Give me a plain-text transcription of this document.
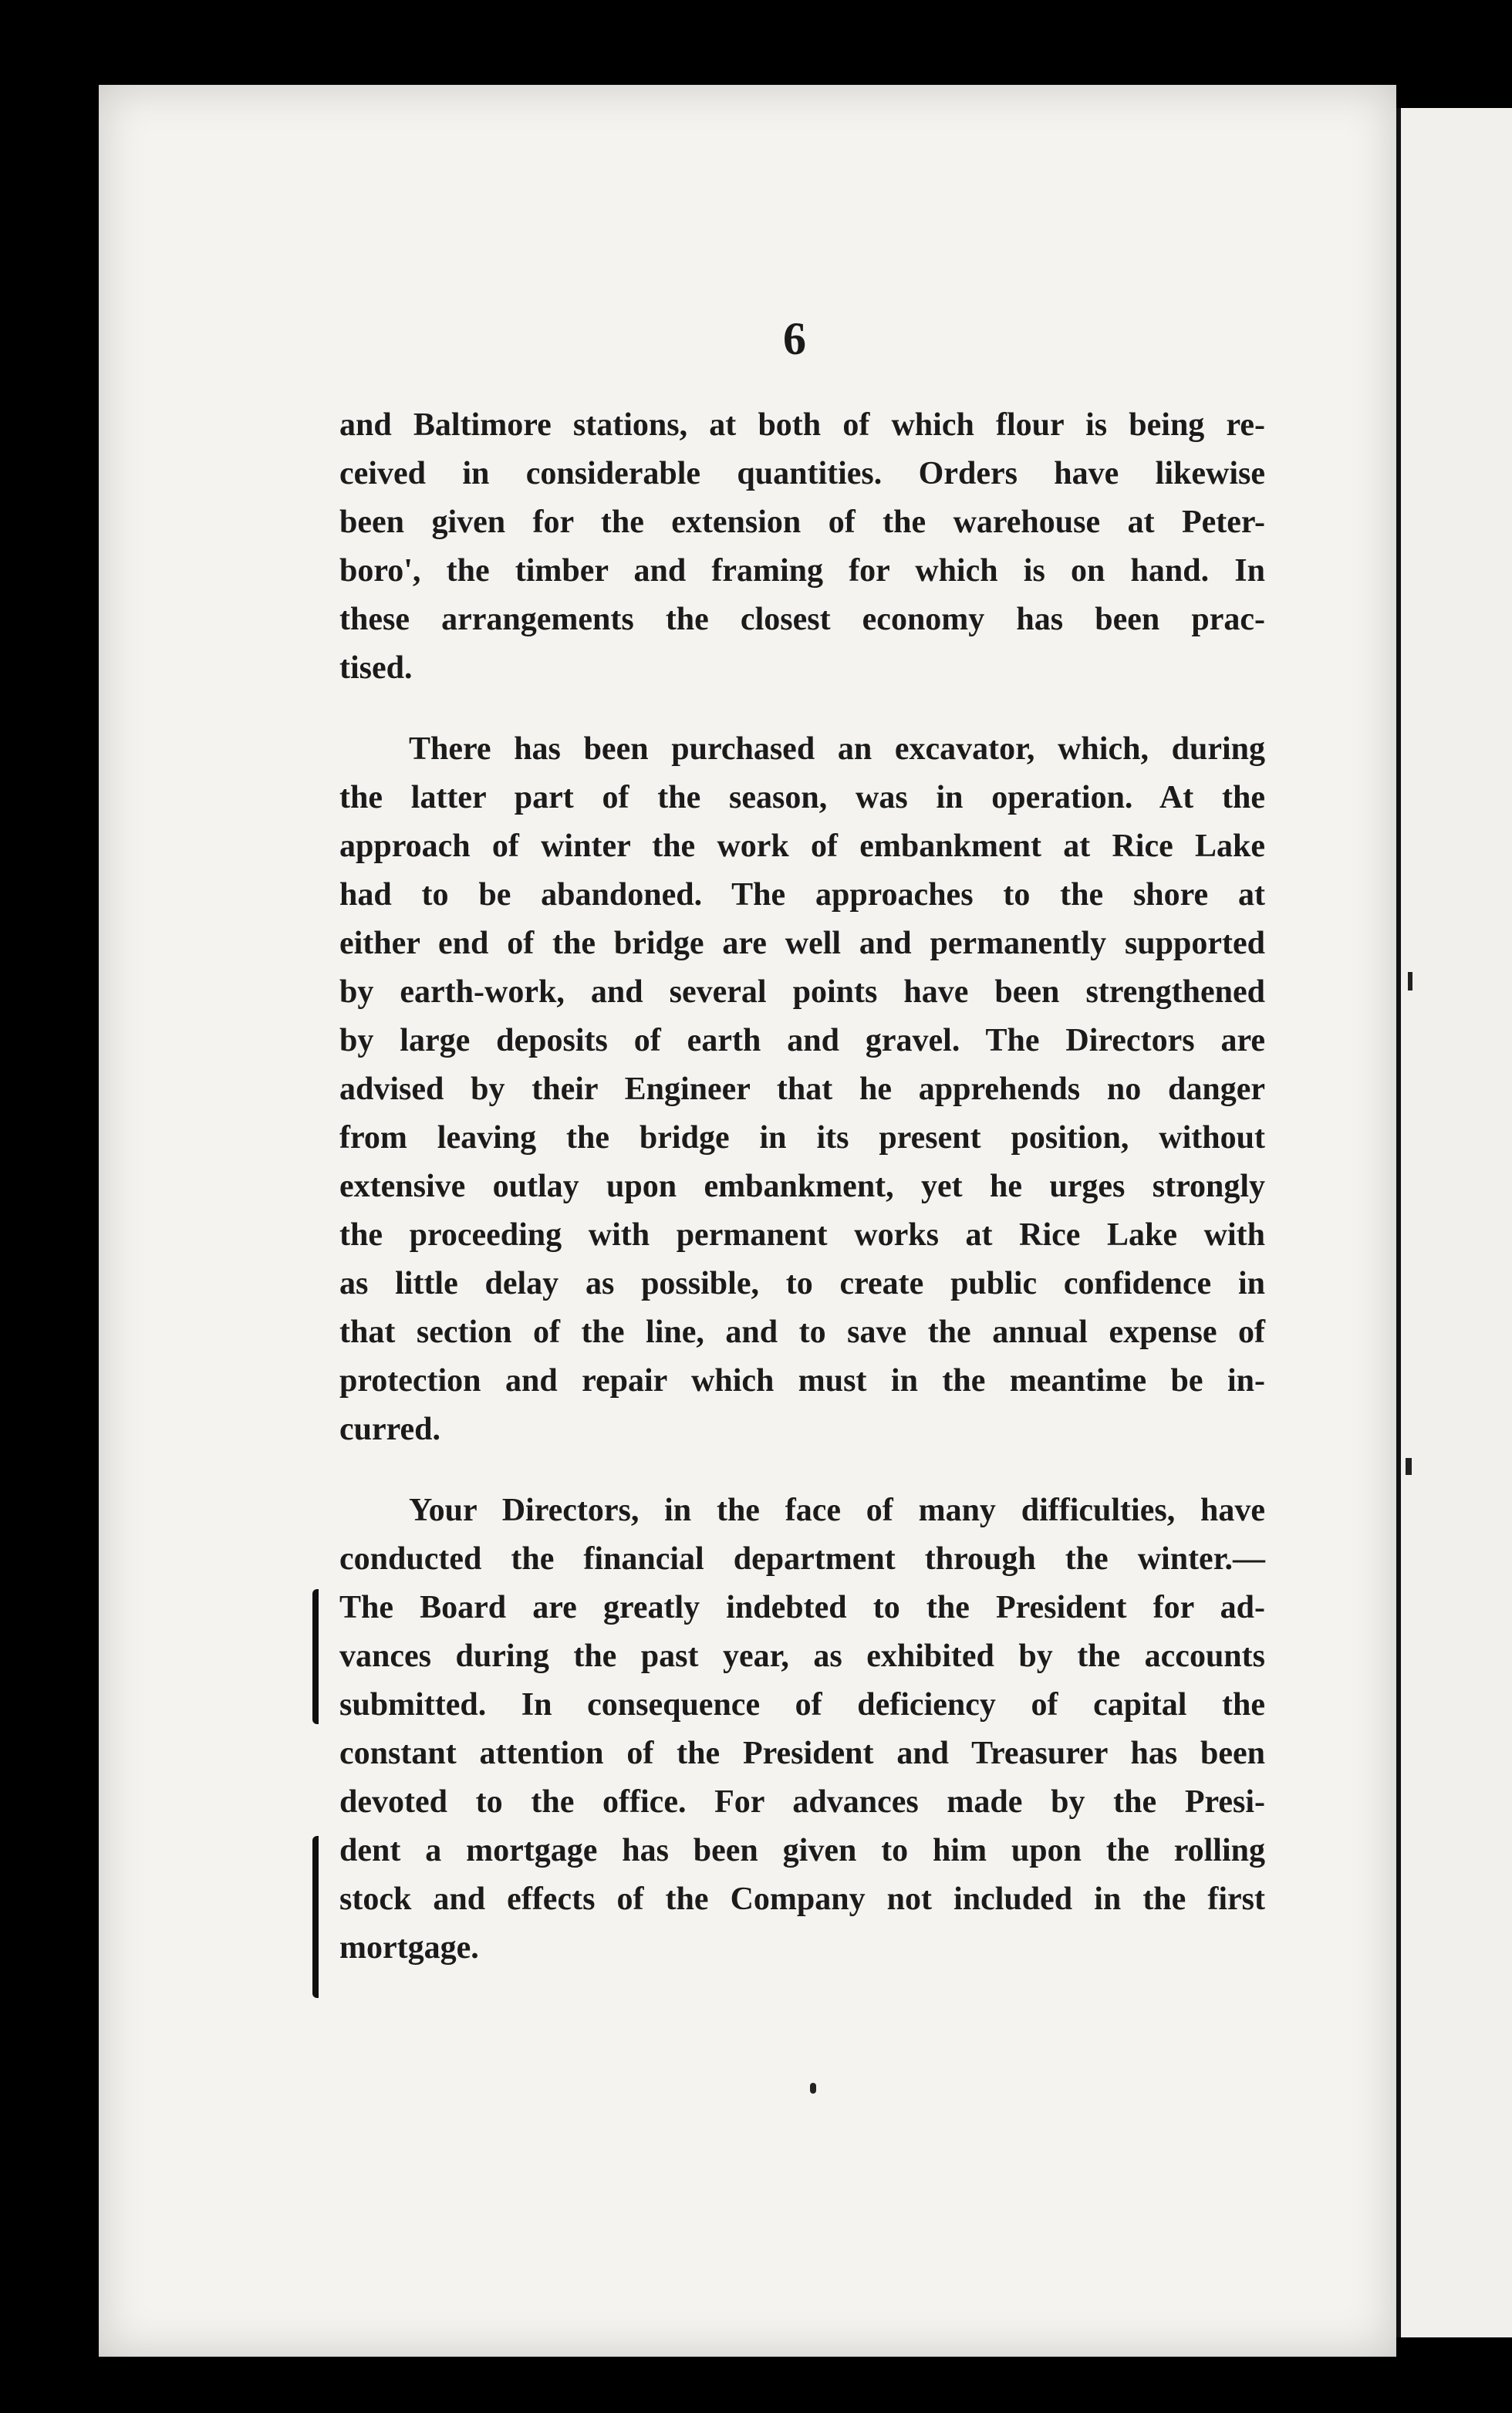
6
and Baltimore stations, at both of which flour is being re-
ceived in considerable quantities. Orders have likewise
been given for the extension of the warehouse at Peter-
boro', the timber and framing for which is on hand. In
these arrangements the closest economy has been prac-
tised.
There has been purchased an excavator, which, during
the latter part of the season, was in operation. At the
approach of winter the work of embankment at Rice Lake
had to be abandoned. The approaches to the shore at
either end of the bridge are well and permanently supported
by earth-work, and several points have been strengthened
by large deposits of earth and gravel. The Directors are
advised by their Engineer that he apprehends no danger
from leaving the bridge in its present position, without
extensive outlay upon embankment, yet he urges strongly
the proceeding with permanent works at Rice Lake with
as little delay as possible, to create public confidence in
that section of the line, and to save the annual expense of
protection and repair which must in the meantime be in-
curred.
Your Directors, in the face of many difficulties, have
conducted the financial department through the winter.—
The Board are greatly indebted to the President for ad-
vances during the past year, as exhibited by the accounts
submitted. In consequence of deficiency of capital the
constant attention of the President and Treasurer has been
devoted to the office. For advances made by the Presi-
dent a mortgage has been given to him upon the rolling
stock and effects of the Company not included in the first
mortgage.
